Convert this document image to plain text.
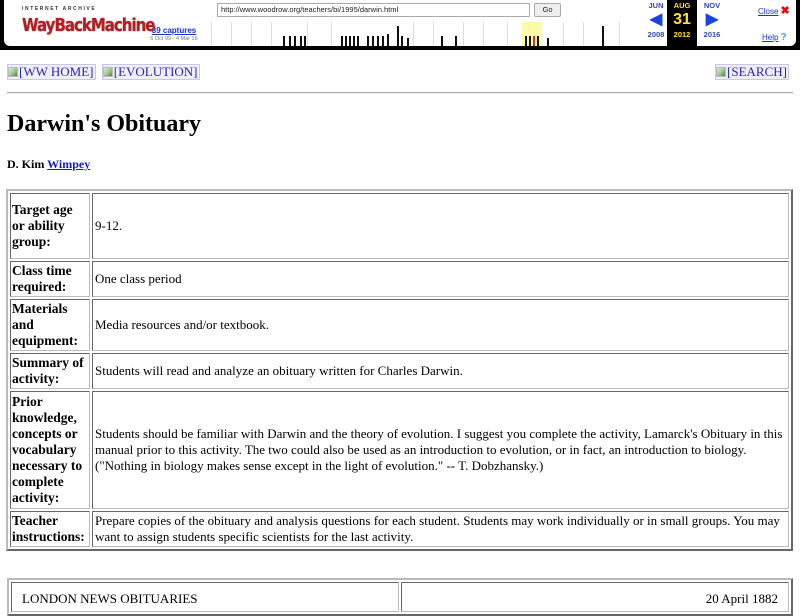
INTERNET ARCHIVE
WayBackMachine
http://www.woodrow.org/teachers/bi/1995/darwin.html	Go
39 captures
6 Oct 99 - 4 Mar 16
JUN
◀
2008
AUG
31
2012
NOV
▶
2016
Close ✖
Help ?
[WW HOME] [EVOLUTION]	[SEARCH]
Darwin's Obituary
D. Kim Wimpey
Target age or ability group:	9-12.
Class time required:	One class period
Materials and equipment:	Media resources and/or textbook.
Summary of activity:	Students will read and analyze an obituary written for Charles Darwin.
Prior knowledge, concepts or vocabulary necessary to complete activity:	Students should be familiar with Darwin and the theory of evolution. I suggest you complete the activity, Lamarck's Obituary in this manual prior to this activity. The two could also be used as an introduction to evolution, or in fact, an introduction to biology. ("Nothing in biology makes sense except in the light of evolution." -- T. Dobzhansky.)
Teacher instructions:	Prepare copies of the obituary and analysis questions for each student. Students may work individually or in small groups. You may want to assign students specific scientists for the last activity.
LONDON NEWS OBITUARIES	20 April 1882
